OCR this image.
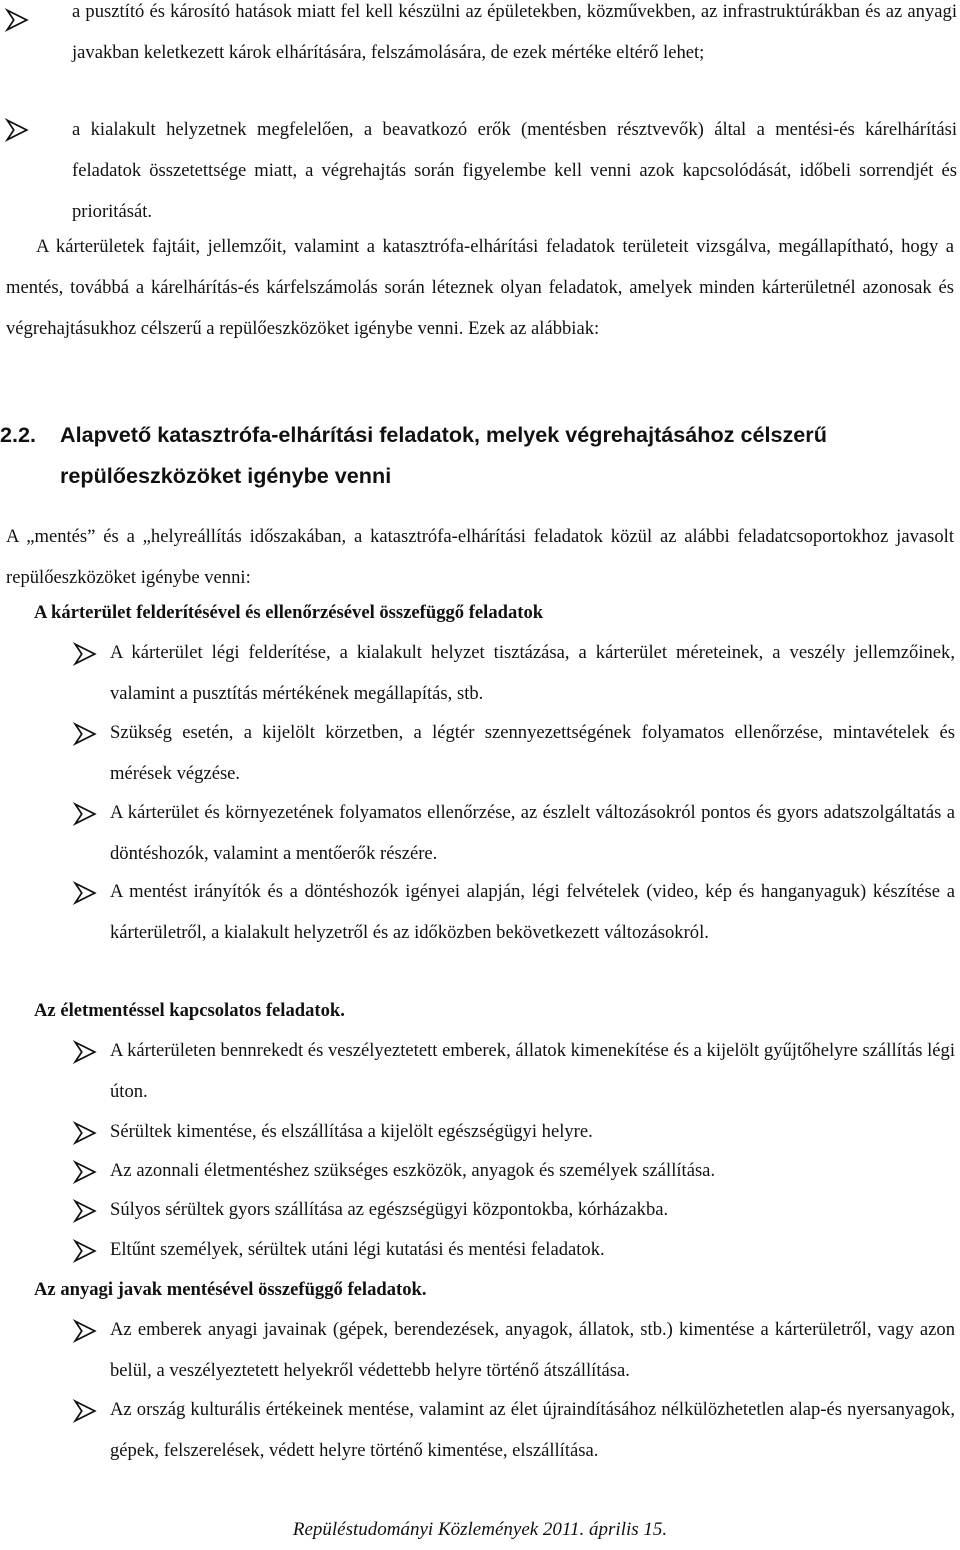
a pusztító és károsító hatások miatt fel kell készülni az épületekben, közművekben, az infrastruktúrákban és az anyagi javakban keletkezett károk elhárítására, felszámolására, de ezek mértéke eltérő lehet;
a kialakult helyzetnek megfelelően, a beavatkozó erők (mentésben résztvevők) által a mentési-és kárelhárítási feladatok összetettsége miatt, a végrehajtás során figyelembe kell venni azok kapcsolódását, időbeli sorrendjét és prioritását.
A kárterületek fajtáit, jellemzőit, valamint a katasztrófa-elhárítási feladatok területeit vizsgálva, megállapítható, hogy a mentés, továbbá a kárelhárítás-és kárfelszámolás során léteznek olyan feladatok, amelyek minden kárterületnél azonosak és végrehajtásukhoz célszerű a repülőeszközöket igénybe venni. Ezek az alábbiak:
2.2. Alapvető katasztrófa-elhárítási feladatok, melyek végrehajtásához célszerű repülőeszközöket igénybe venni
A „mentés” és a „helyreállítás időszakában, a katasztrófa-elhárítási feladatok közül az alábbi feladatcsoportokhoz javasolt repülőeszközöket igénybe venni:
A kárterület felderítésével és ellenőrzésével összefüggő feladatok
A kárterület légi felderítése, a kialakult helyzet tisztázása, a kárterület méreteinek, a veszély jellemzőinek, valamint a pusztítás mértékének megállapítás, stb.
Szükség esetén, a kijelölt körzetben, a légtér szennyezettségének folyamatos ellenőrzése, mintavételek és mérések végzése.
A kárterület és környezetének folyamatos ellenőrzése, az észlelt változásokról pontos és gyors adatszolgáltatás a döntéshozók, valamint a mentőerők részére.
A mentést irányítók és a döntéshozók igényei alapján, légi felvételek (video, kép és hanganyaguk) készítése a kárterületről, a kialakult helyzetről és az időközben bekövetkezett változásokról.
Az életmentéssel kapcsolatos feladatok.
A kárterületen bennrekedt és veszélyeztetett emberek, állatok kimenekítése és a kijelölt gyűjtőhelyre szállítás légi úton.
Sérültek kimentése, és elszállítása a kijelölt egészségügyi helyre.
Az azonnali életmentéshez szükséges eszközök, anyagok és személyek szállítása.
Súlyos sérültek gyors szállítása az egészségügyi központokba, kórházakba.
Eltűnt személyek, sérültek utáni légi kutatási és mentési feladatok.
Az anyagi javak mentésével összefüggő feladatok.
Az emberek anyagi javainak (gépek, berendezések, anyagok, állatok, stb.) kimentése a kárterületről, vagy azon belül, a veszélyeztetett helyekről védettebb helyre történő átszállítása.
Az ország kulturális értékeinek mentése, valamint az élet újraindításához nélkülözhetetlen alap-és nyersanyagok, gépek, felszerelések, védett helyre történő kimentése, elszállítása.
Repüléstudományi Közlemények 2011. április 15.
